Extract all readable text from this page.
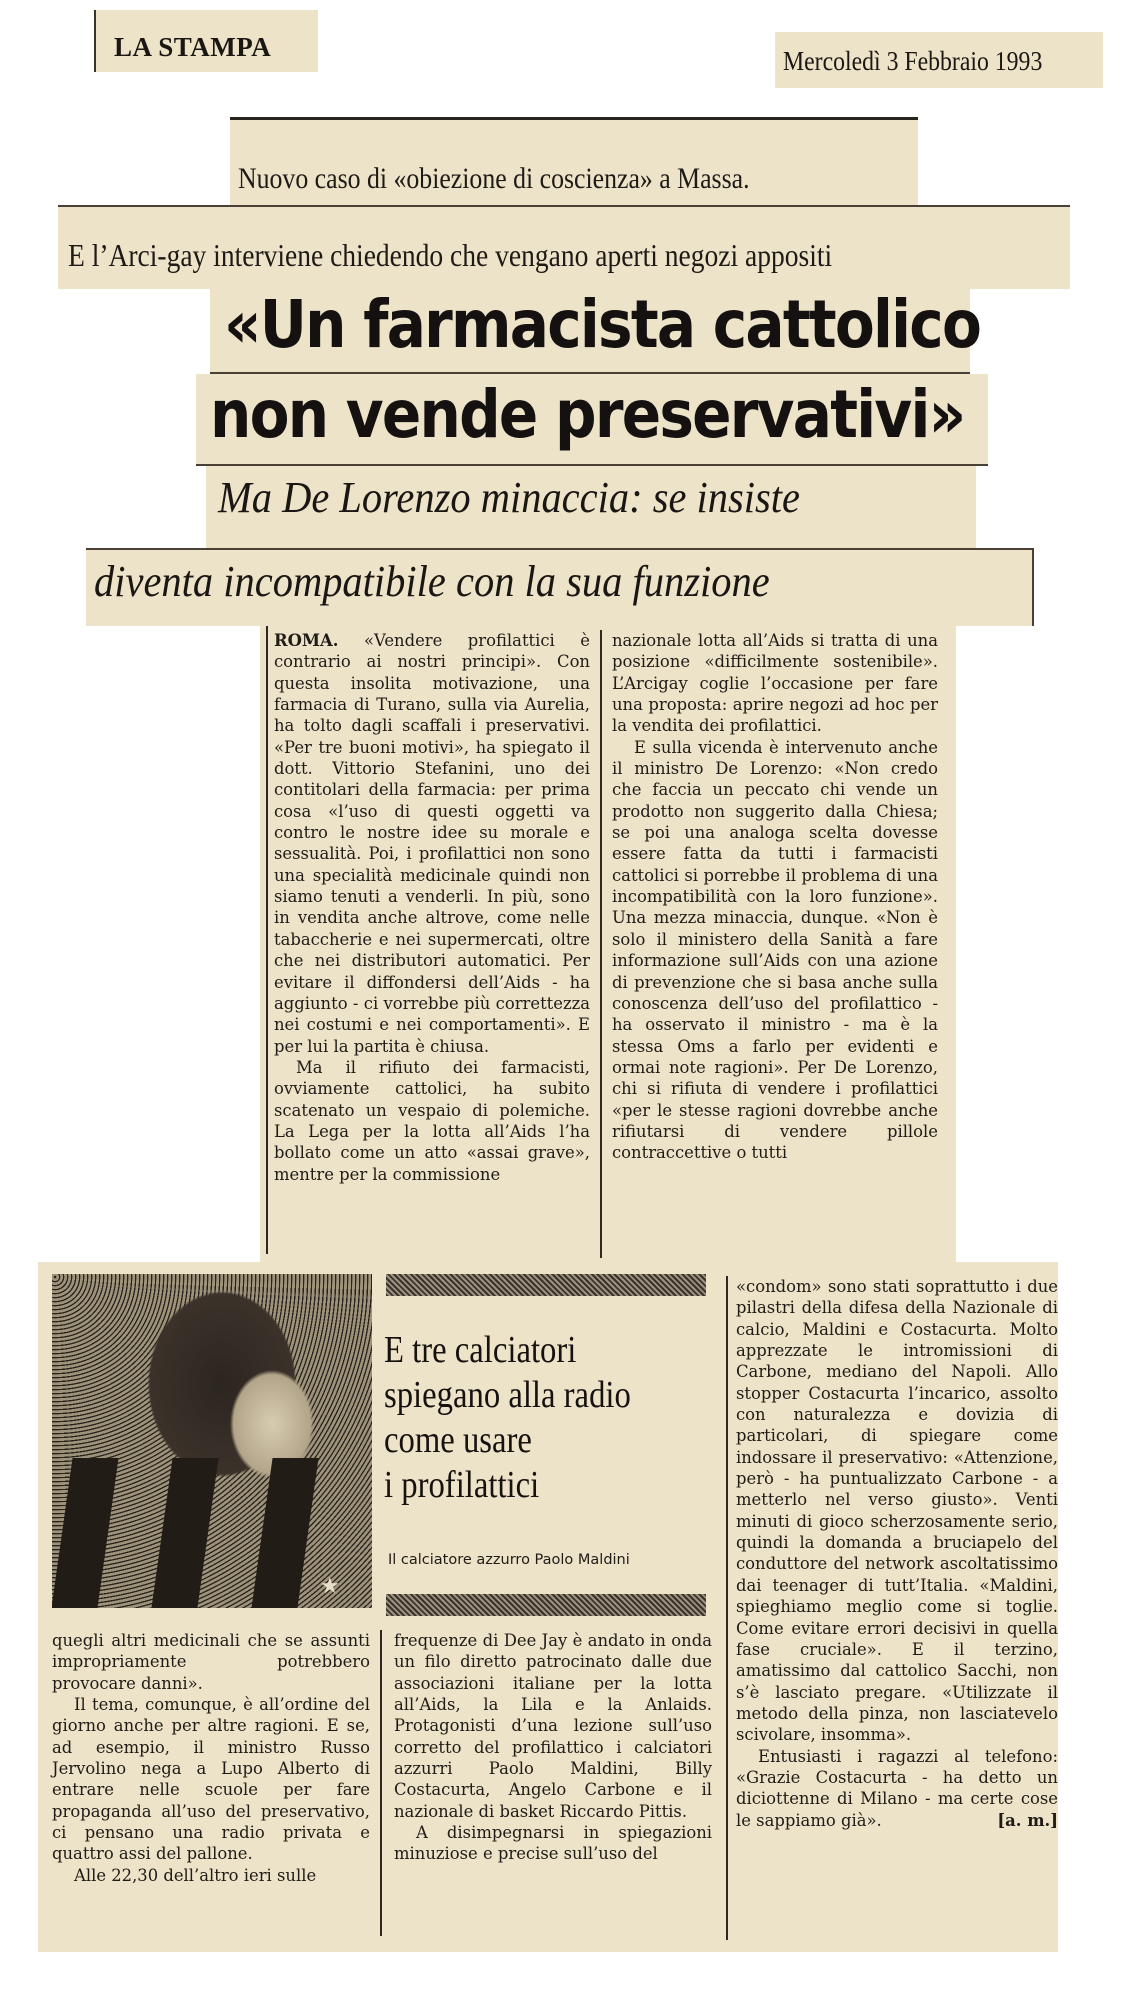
LA STAMPA	Mercoledì 3 Febbraio 1993
Nuovo caso di «obiezione di coscienza» a Massa.
E l’Arci-gay interviene chiedendo che vengano aperti negozi appositi
«Un farmacista cattolico
non vende preservativi»
Ma De Lorenzo minaccia: se insiste
diventa incompatibile con la sua funzione

ROMA. «Vendere profilattici è contrario ai nostri principi». Con questa insolita motivazione, una farmacia di Turano, sulla via Aurelia, ha tolto dagli scaffali i preservativi. «Per tre buoni motivi», ha spiegato il dott. Vittorio Stefanini, uno dei contitolari della farmacia: per prima cosa «l’uso di questi oggetti va contro le nostre idee su morale e sessualità. Poi, i profilattici non sono una specialità medicinale quindi non siamo tenuti a venderli. In più, sono in vendita anche altrove, come nelle tabaccherie e nei supermercati, oltre che nei distributori automatici. Per evitare il diffondersi dell’Aids - ha aggiunto - ci vorrebbe più correttezza nei costumi e nei comportamenti». E per lui la partita è chiusa.

Ma il rifiuto dei farmacisti, ovviamente cattolici, ha subito scatenato un vespaio di polemiche. La Lega per la lotta all’Aids l’ha bollato come un atto «assai grave», mentre per la commissione

nazionale lotta all’Aids si tratta di una posizione «difficilmente sostenibile». L’Arcigay coglie l’occasione per fare una proposta: aprire negozi ad hoc per la vendita dei profilattici.

E sulla vicenda è intervenuto anche il ministro De Lorenzo: «Non credo che faccia un peccato chi vende un prodotto non suggerito dalla Chiesa; se poi una analoga scelta dovesse essere fatta da tutti i farmacisti cattolici si porrebbe il problema di una incompatibilità con la loro funzione». Una mezza minaccia, dunque. «Non è solo il ministero della Sanità a fare informazione sull’Aids con una azione di prevenzione che si basa anche sulla conoscenza dell’uso del profilattico - ha osservato il ministro - ma è la stessa Oms a farlo per evidenti e ormai note ragioni». Per De Lorenzo, chi si rifiuta di vendere i profilattici «per le stesse ragioni dovrebbe anche rifiutarsi di vendere pillole contraccettive o tutti

★
E tre calciatori
spiegano alla radio
come usare
i profilattici
Il calciatore azzurro Paolo Maldini

quegli altri medicinali che se assunti impropriamente potrebbero provocare danni».

Il tema, comunque, è all’ordine del giorno anche per altre ragioni. E se, ad esempio, il ministro Russo Jervolino nega a Lupo Alberto di entrare nelle scuole per fare propaganda all’uso del preservativo, ci pensano una radio privata e quattro assi del pallone.

Alle 22,30 dell’altro ieri sulle

frequenze di Dee Jay è andato in onda un filo diretto patrocinato dalle due associazioni italiane per la lotta all’Aids, la Lila e la Anlaids. Protagonisti d’una lezione sull’uso corretto del profilattico i calciatori azzurri Paolo Maldini, Billy Costacurta, Angelo Carbone e il nazionale di basket Riccardo Pittis.

A disimpegnarsi in spiegazioni minuziose e precise sull’uso del

«condom» sono stati soprattutto i due pilastri della difesa della Nazionale di calcio, Maldini e Costacurta. Molto apprezzate le intromissioni di Carbone, mediano del Napoli. Allo stopper Costacurta l’incarico, assolto con naturalezza e dovizia di particolari, di spiegare come indossare il preservativo: «Attenzione, però - ha puntualizzato Carbone - a metterlo nel verso giusto». Venti minuti di gioco scherzosamente serio, quindi la domanda a bruciapelo del conduttore del network ascoltatissimo dai teenager di tutt’Italia. «Maldini, spieghiamo meglio come si toglie. Come evitare errori decisivi in quella fase cruciale». E il terzino, amatissimo dal cattolico Sacchi, non s’è lasciato pregare. «Utilizzate il metodo della pinza, non lasciatevelo scivolare, insomma».

Entusiasti i ragazzi al telefono: «Grazie Costacurta - ha detto un diciottenne di Milano - ma certe cose le sappiamo già».	[a. m.]
